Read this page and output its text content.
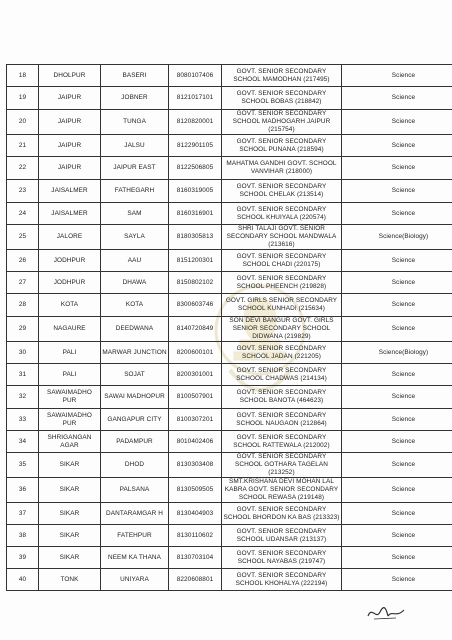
18	DHOLPUR	BASERI	8080107406	GOVT. SENIOR SECONDARY SCHOOL MAMODHAN (217495)	Science
19	JAIPUR	JOBNER	8121017101	GOVT. SENIOR SECONDARY SCHOOL BOBAS (218842)	Science
20	JAIPUR	TUNGA	8120820001	GOVT. SENIOR SECONDARY SCHOOL MADHOGARH JAIPUR (215754)	Science
21	JAIPUR	JALSU	8122901105	GOVT. SENIOR SECONDARY SCHOOL PUNANA (218594)	Science
22	JAIPUR	JAIPUR EAST	8122506805	MAHATMA GANDHI GOVT. SCHOOL VANVIHAR (218000)	Science
23	JAISALMER	FATHEGARH	8160319005	GOVT. SENIOR SECONDARY SCHOOL CHELAK (213514)	Science
24	JAISALMER	SAM	8160316901	GOVT. SENIOR SECONDARY SCHOOL KHUIYALA (220574)	Science
25	JALORE	SAYLA	8180305813	SHRI TALAJI GOVT. SENIOR SECONDARY SCHOOL MANDWALA (213616)	Science(Biology)
26	JODHPUR	AAU	8151200301	GOVT. SENIOR SECONDARY SCHOOL CHADI (220175)	Science
27	JODHPUR	DHAWA	8150802102	GOVT. SENIOR SECONDARY SCHOOL PHEENCH (219828)	Science
28	KOTA	KOTA	8300603746	GOVT. GIRLS SENIOR SECONDARY SCHOOL KUNHADI (215634)	Science
29	NAGAURE	DEEDWANA	8140720849	SON DEVI BANGUR GOVT. GIRLS SENIOR SECONDARY SCHOOL DIDWANA (219829)	Science
30	PALI	MARWAR JUNCTION	8200600101	GOVT. SENIOR SECONDARY SCHOOL JADAN (221205)	Science(Biology)
31	PALI	SOJAT	8200301001	GOVT. SENIOR SECONDARY SCHOOL CHADWAS (214134)	Science
32	SAWAIMADHO PUR	SAWAI MADHOPUR	8100507901	GOVT. SENIOR SECONDARY SCHOOL BANOTA (464623)	Science
33	SAWAIMADHO PUR	GANGAPUR CITY	8100307201	GOVT. SENIOR SECONDARY SCHOOL NAUGAON (212864)	Science
34	SHRIGANGAN AGAR	PADAMPUR	8010402406	GOVT. SENIOR SECONDARY SCHOOL RATTEWALA (212002)	Science
35	SIKAR	DHOD	8130303408	GOVT. SENIOR SECONDARY SCHOOL GOTHARA TAGELAN (213252)	Science
36	SIKAR	PALSANA	8130509505	SMT.KRISHANA DEVI MOHAN LAL KABRA GOVT. SENIOR SECONDARY SCHOOL REWASA (219148)	Science
37	SIKAR	DANTARAMGAR H	8130404903	GOVT. SENIOR SECONDARY SCHOOL BHORDON KA BAS (213323)	Science
38	SIKAR	FATEHPUR	8130110602	GOVT. SENIOR SECONDARY SCHOOL UDANSAR (213137)	Science
39	SIKAR	NEEM KA THANA	8130703104	GOVT. SENIOR SECONDARY SCHOOL NAYABAS (219747)	Science
40	TONK	UNIYARA	8220608801	GOVT. SENIOR SECONDARY SCHOOL KHOHALYA (222194)	Science
